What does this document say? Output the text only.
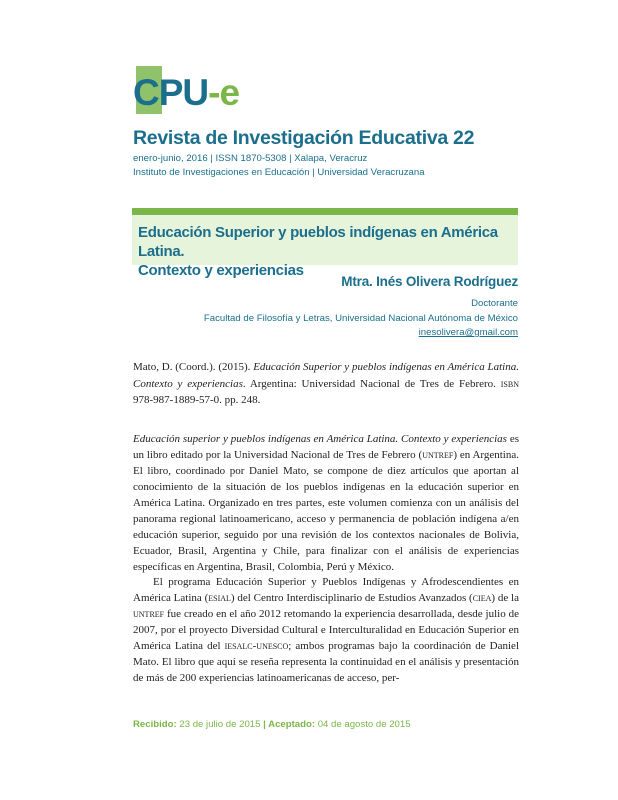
CPU-e
Revista de Investigación Educativa 22
enero-junio, 2016 | ISSN 1870-5308 | Xalapa, Veracruz
Instituto de Investigaciones en Educación | Universidad Veracruzana
Educación Superior y pueblos indígenas en América Latina.
Contexto y experiencias
Mtra. Inés Olivera Rodríguez
Doctorante
Facultad de Filosofía y Letras, Universidad Nacional Autónoma de México
inesolivera@gmail.com
Mato, D. (Coord.). (2015). Educación Superior y pueblos indígenas en América Latina. Contexto y experiencias. Argentina: Universidad Nacional de Tres de Febrero. isbn 978-987-1889-57-0. pp. 248.
Educación superior y pueblos indígenas en América Latina. Contexto y experiencias es un libro editado por la Universidad Nacional de Tres de Febrero (untref) en Argentina. El libro, coordinado por Daniel Mato, se compone de diez artículos que aportan al conocimiento de la situación de los pueblos indígenas en la educación superior en América Latina. Organizado en tres partes, este volumen comienza con un análisis del panorama regional latinoamericano, acceso y permanencia de población indígena a/en educación superior, seguido por una revisión de los contextos nacionales de Bolivia, Ecuador, Brasil, Argentina y Chile, para finalizar con el análisis de experiencias específicas en Argentina, Brasil, Colombia, Perú y México.
El programa Educación Superior y Pueblos Indígenas y Afrodescendientes en América Latina (esial) del Centro Interdisciplinario de Estudios Avanzados (ciea) de la untref fue creado en el año 2012 retomando la experiencia desarrollada, desde julio de 2007, por el proyecto Diversidad Cultural e Interculturalidad en Educación Superior en América Latina del iesalc-unesco; ambos programas bajo la coordinación de Daniel Mato. El libro que aquí se reseña representa la continuidad en el análisis y presentación de más de 200 experiencias latinoamericanas de acceso, per-
Recibido: 23 de julio de 2015 | Aceptado: 04 de agosto de 2015
